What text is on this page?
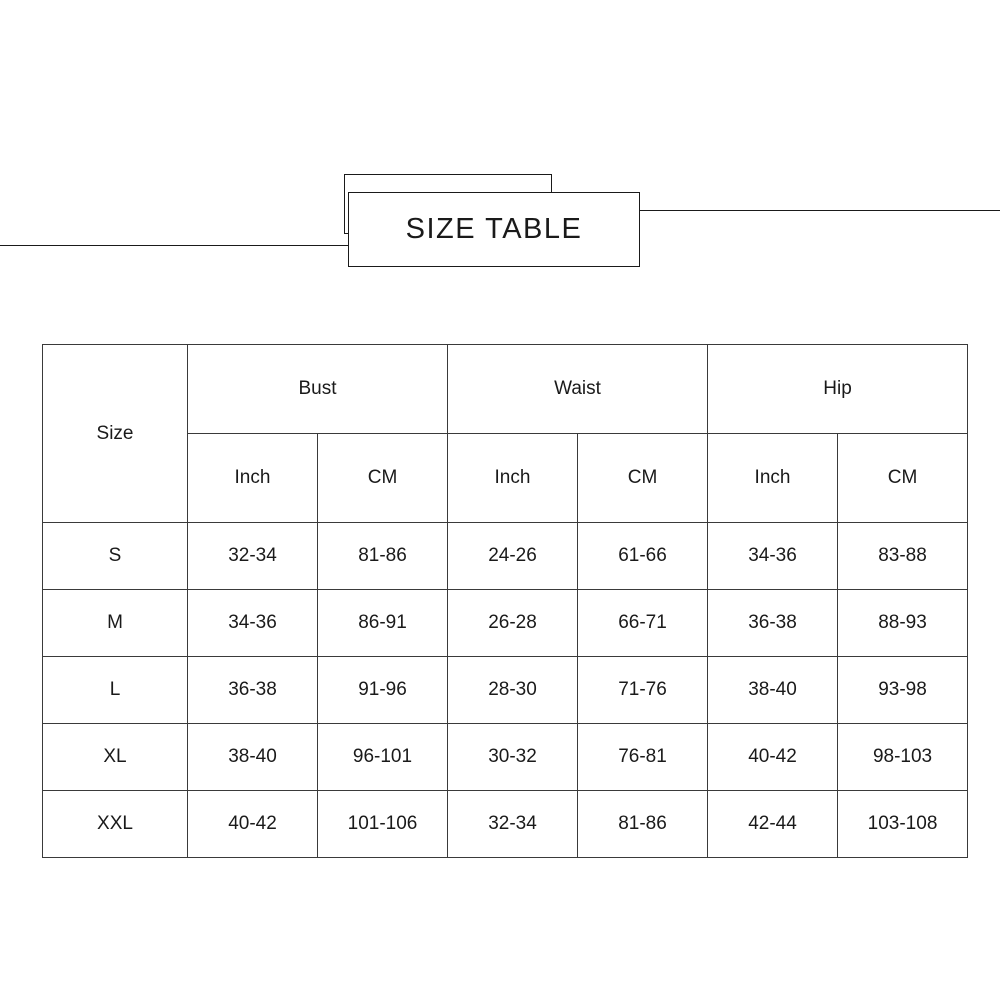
SIZE TABLE
Size	Bust		Waist		Hip	
	Inch	CM	Inch	CM	Inch	CM
S	32-34	81-86	24-26	61-66	34-36	83-88
M	34-36	86-91	26-28	66-71	36-38	88-93
L	36-38	91-96	28-30	71-76	38-40	93-98
XL	38-40	96-101	30-32	76-81	40-42	98-103
XXL	40-42	101-106	32-34	81-86	42-44	103-108
